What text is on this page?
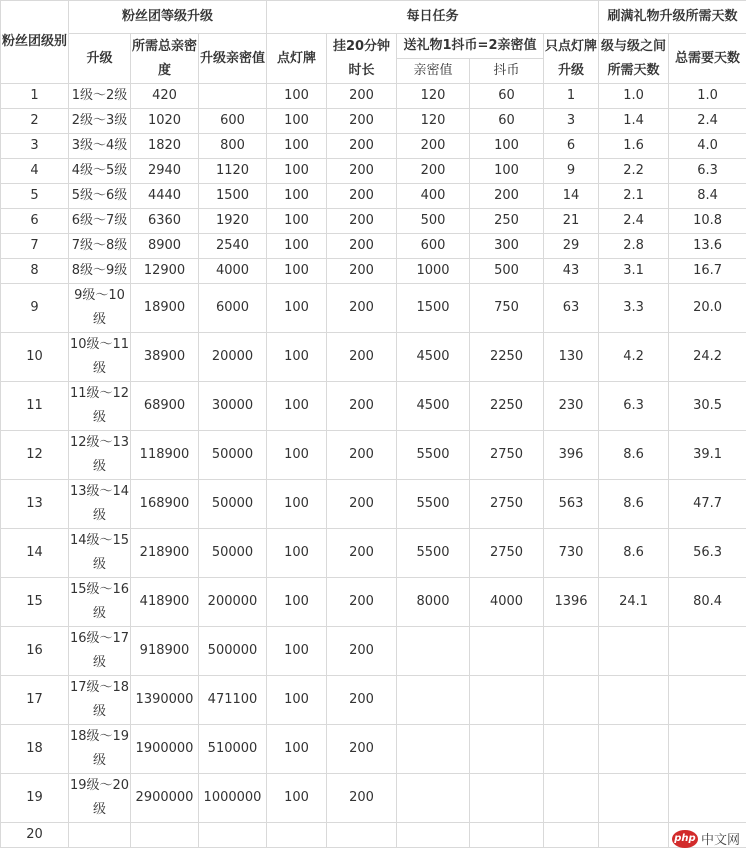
粉丝团级别	粉丝团等级升级			每日任务					刷满礼物升级所需天数	
	升级	所需总亲密度	升级亲密值	点灯牌	挂20分钟时长	送礼物1抖币=2亲密值		只点灯牌升级	级与级之间所需天数	总需要天数
						亲密值	抖币			
1	1级～2级	420		100	200	120	60	1	1.0	1.0
2	2级～3级	1020	600	100	200	120	60	3	1.4	2.4
3	3级～4级	1820	800	100	200	200	100	6	1.6	4.0
4	4级～5级	2940	1120	100	200	200	100	9	2.2	6.3
5	5级～6级	4440	1500	100	200	400	200	14	2.1	8.4
6	6级～7级	6360	1920	100	200	500	250	21	2.4	10.8
7	7级～8级	8900	2540	100	200	600	300	29	2.8	13.6
8	8级～9级	12900	4000	100	200	1000	500	43	3.1	16.7
9	9级～10级	18900	6000	100	200	1500	750	63	3.3	20.0
10	10级～11级	38900	20000	100	200	4500	2250	130	4.2	24.2
11	11级～12级	68900	30000	100	200	4500	2250	230	6.3	30.5
12	12级～13级	118900	50000	100	200	5500	2750	396	8.6	39.1
13	13级～14级	168900	50000	100	200	5500	2750	563	8.6	47.7
14	14级～15级	218900	50000	100	200	5500	2750	730	8.6	56.3
15	15级～16级	418900	200000	100	200	8000	4000	1396	24.1	80.4
16	16级～17级	918900	500000	100	200					
17	17级～18级	1390000	471100	100	200					
18	18级～19级	1900000	510000	100	200					
19	19级～20级	2900000	1000000	100	200					
20											php 中文网
